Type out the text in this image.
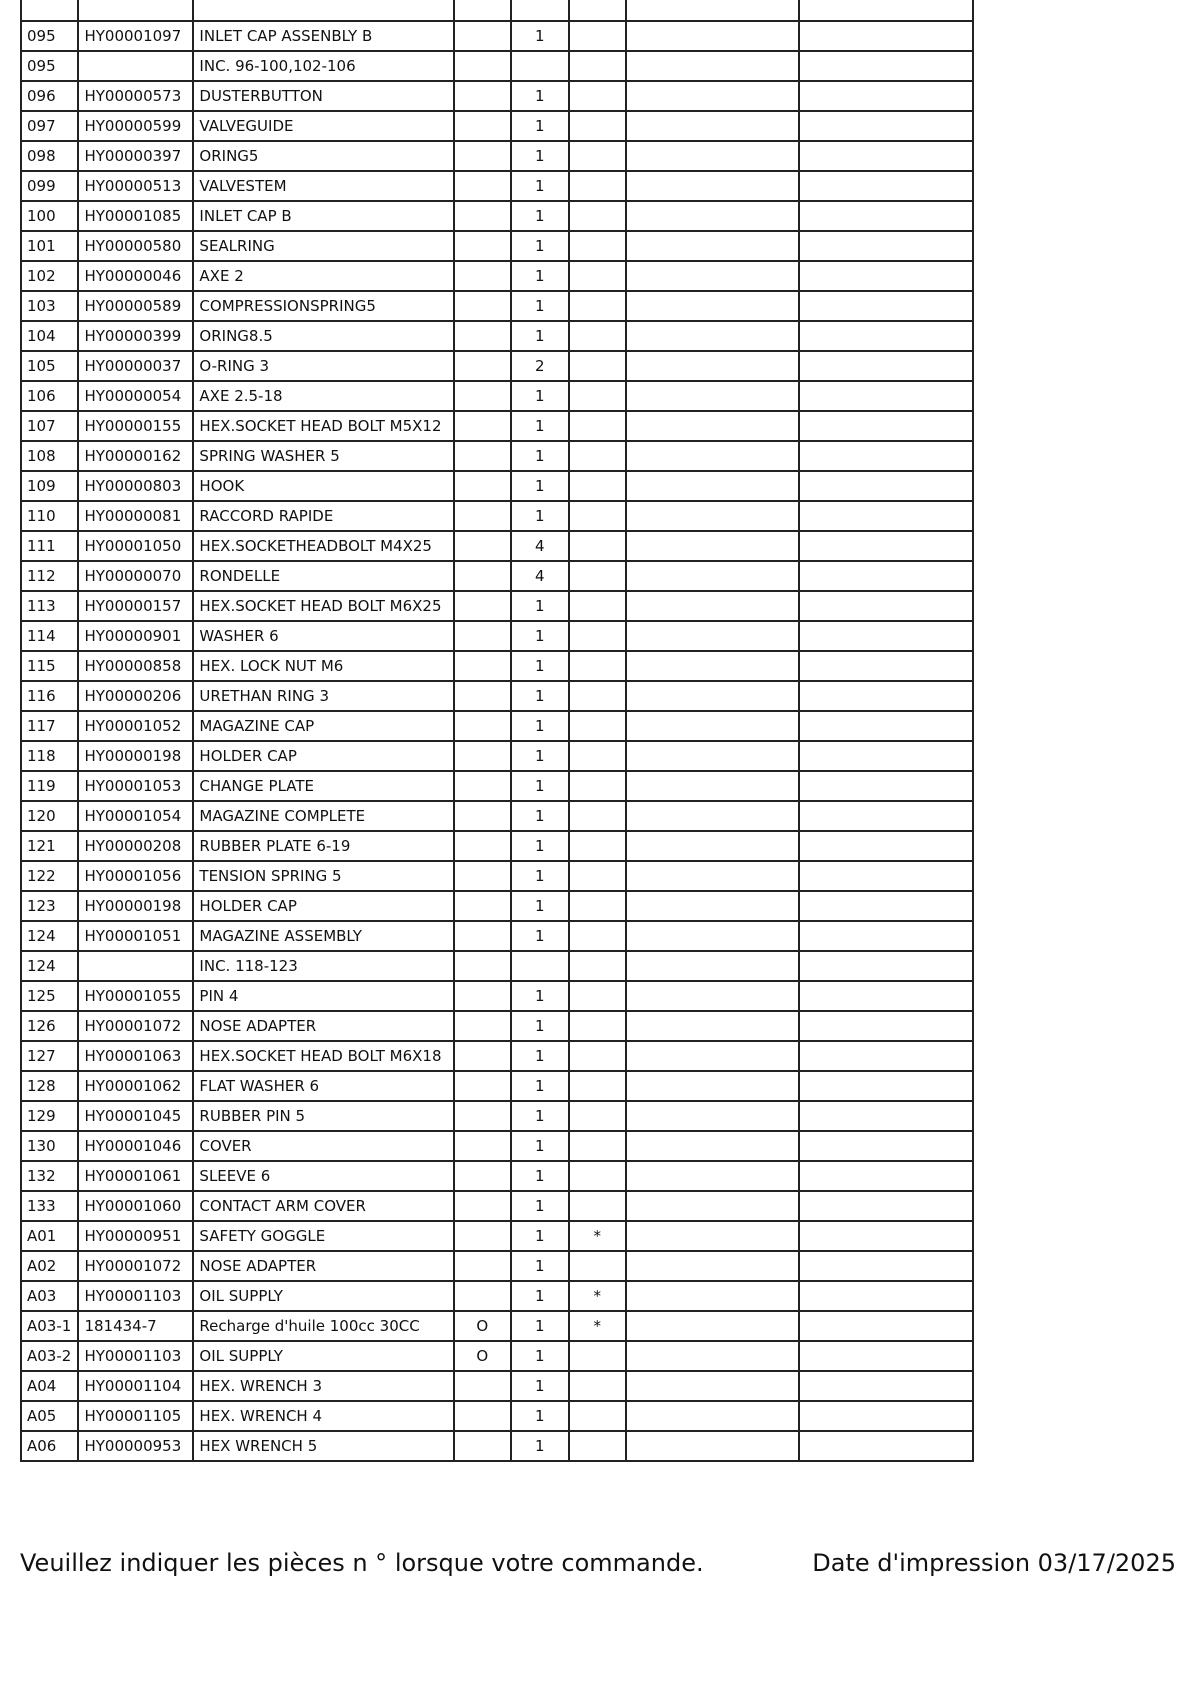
095	HY00001097	INLET CAP ASSENBLY B		1			
095		INC. 96-100,102-106					
096	HY00000573	DUSTERBUTTON		1			
097	HY00000599	VALVEGUIDE		1			
098	HY00000397	ORING5		1			
099	HY00000513	VALVESTEM		1			
100	HY00001085	INLET CAP B		1			
101	HY00000580	SEALRING		1			
102	HY00000046	AXE 2		1			
103	HY00000589	COMPRESSIONSPRING5		1			
104	HY00000399	ORING8.5		1			
105	HY00000037	O-RING 3		2			
106	HY00000054	AXE 2.5-18		1			
107	HY00000155	HEX.SOCKET HEAD BOLT M5X12		1			
108	HY00000162	SPRING WASHER 5		1			
109	HY00000803	HOOK		1			
110	HY00000081	RACCORD RAPIDE		1			
111	HY00001050	HEX.SOCKETHEADBOLT M4X25		4			
112	HY00000070	RONDELLE		4			
113	HY00000157	HEX.SOCKET HEAD BOLT M6X25		1			
114	HY00000901	WASHER 6		1			
115	HY00000858	HEX. LOCK NUT M6		1			
116	HY00000206	URETHAN RING 3		1			
117	HY00001052	MAGAZINE CAP		1			
118	HY00000198	HOLDER CAP		1			
119	HY00001053	CHANGE PLATE		1			
120	HY00001054	MAGAZINE COMPLETE		1			
121	HY00000208	RUBBER PLATE 6-19		1			
122	HY00001056	TENSION SPRING 5		1			
123	HY00000198	HOLDER CAP		1			
124	HY00001051	MAGAZINE ASSEMBLY		1			
124		INC. 118-123					
125	HY00001055	PIN 4		1			
126	HY00001072	NOSE ADAPTER		1			
127	HY00001063	HEX.SOCKET HEAD BOLT M6X18		1			
128	HY00001062	FLAT WASHER 6		1			
129	HY00001045	RUBBER PIN 5		1			
130	HY00001046	COVER		1			
132	HY00001061	SLEEVE 6		1			
133	HY00001060	CONTACT ARM COVER		1			
A01	HY00000951	SAFETY GOGGLE		1	*		
A02	HY00001072	NOSE ADAPTER		1			
A03	HY00001103	OIL SUPPLY		1	*		
A03-1	181434-7	Recharge d'huile 100cc 30CC	O	1	*		
A03-2	HY00001103	OIL SUPPLY	O	1			
A04	HY00001104	HEX. WRENCH 3		1			
A05	HY00001105	HEX. WRENCH 4		1			
A06	HY00000953	HEX WRENCH 5		1			
Veuillez indiquer les pièces n ° lorsque votre commande.	Date d'impression 03/17/2025
